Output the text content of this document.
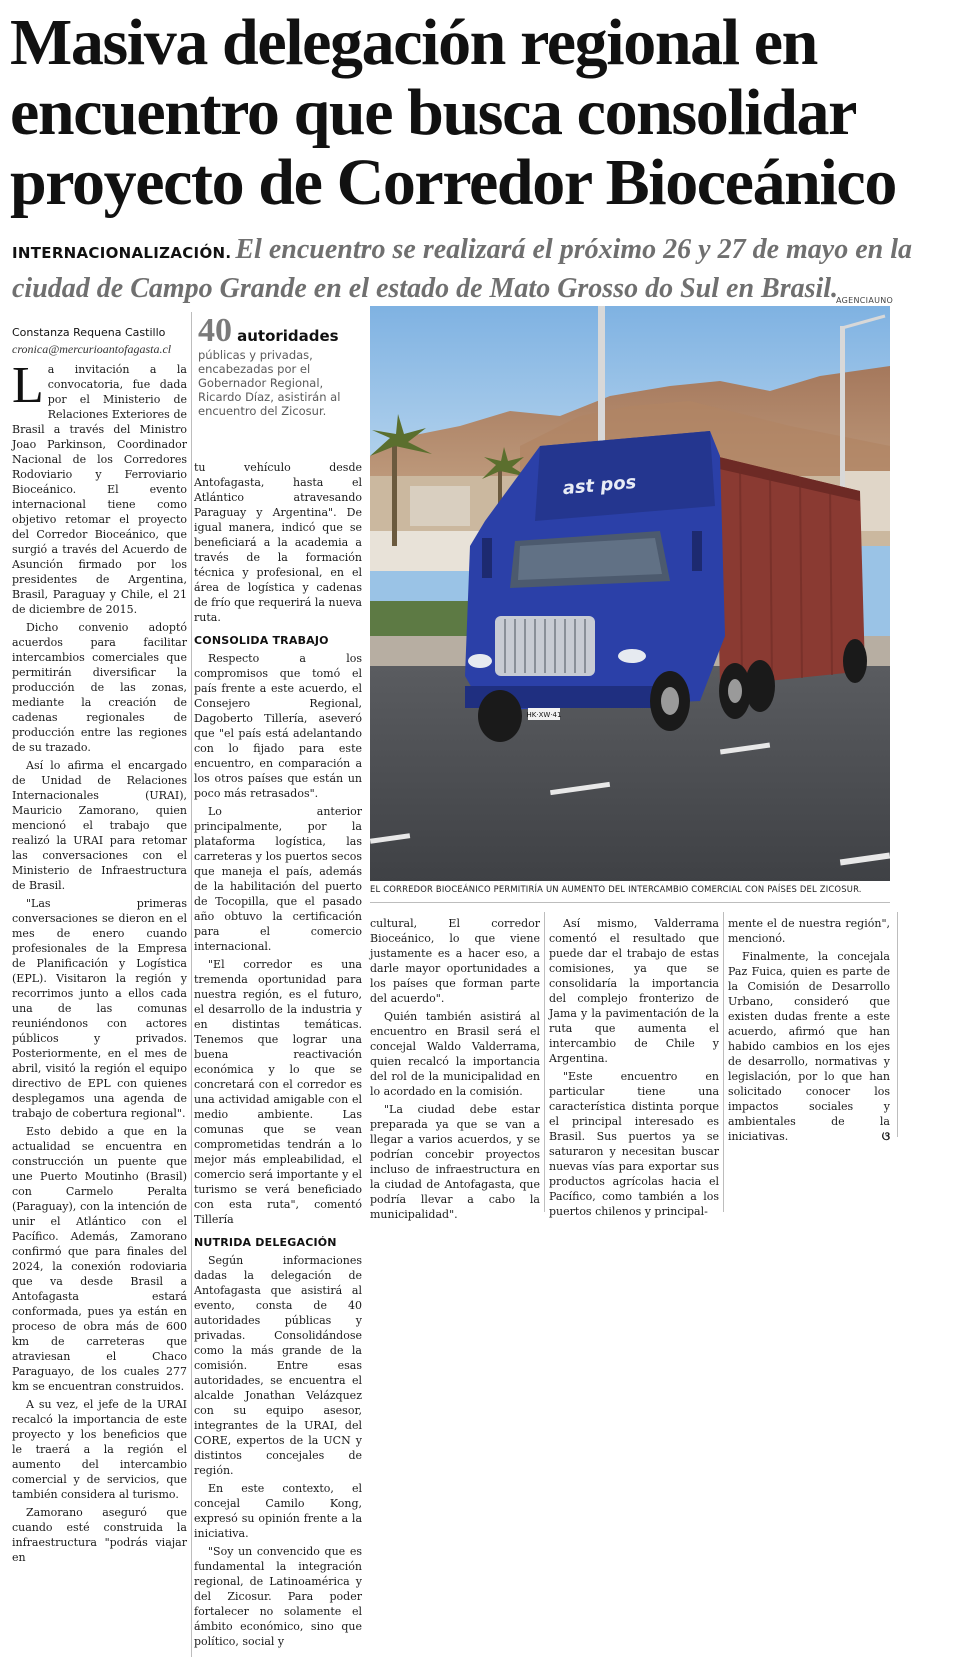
Masiva delegación regional en encuentro que busca consolidar proyecto de Corredor Bioceánico
INTERNACIONALIZACIÓN. El encuentro se realizará el próximo 26 y 27 de mayo en la ciudad de Campo Grande en el estado de Mato Grosso do Sul en Brasil.
Constanza Requena Castillo
cronica@mercurioantofagasta.cl 40 autoridades
públicas y privadas, encabezadas por el Gobernador Regional, Ricardo Díaz, asistirán al encuentro del Zicosur.

La invitación a la convocatoria, fue dada por el Ministerio de Relaciones Exteriores de Brasil a través del Ministro Joao Parkinson, Coordinador Nacional de los Corredores Rodoviario y Ferroviario Bioceánico. El evento internacional tiene como objetivo retomar el proyecto del Corredor Bioceánico, que surgió a través del Acuerdo de Asunción firmado por los presidentes de Argentina, Brasil, Paraguay y Chile, el 21 de diciembre de 2015.

Dicho convenio adoptó acuerdos para facilitar intercambios comerciales que permitirán diversificar la producción de las zonas, mediante la creación de cadenas regionales de producción entre las regiones de su trazado.

Así lo afirma el encargado de Unidad de Relaciones Internacionales (URAI), Mauricio Zamorano, quien mencionó el trabajo que realizó la URAI para retomar las conversaciones con el Ministerio de Infraestructura de Brasil.

"Las primeras conversaciones se dieron en el mes de enero cuando profesionales de la Empresa de Planificación y Logística (EPL). Visitaron la región y recorrimos junto a ellos cada una de las comunas reuniéndonos con actores públicos y privados. Posteriormente, en el mes de abril, visitó la región el equipo directivo de EPL con quienes desplegamos una agenda de trabajo de cobertura regional".

Esto debido a que en la actualidad se encuentra en construcción un puente que une Puerto Moutinho (Brasil) con Carmelo Peralta (Paraguay), con la intención de unir el Atlántico con el Pacífico. Además, Zamorano confirmó que para finales del 2024, la conexión rodoviaria que va desde Brasil a Antofagasta estará conformada, pues ya están en proceso de obra más de 600 km de carreteras que atraviesan el Chaco Paraguayo, de los cuales 277 km se encuentran construidos.

A su vez, el jefe de la URAI recalcó la importancia de este proyecto y los beneficios que le traerá a la región el aumento del intercambio comercial y de servicios, que también considera al turismo.

Zamorano aseguró que cuando esté construida la infraestructura "podrás viajar en

tu vehículo desde Antofagasta, hasta el Atlántico atravesando Paraguay y Argentina". De igual manera, indicó que se beneficiará a la academia a través de la formación técnica y profesional, en el área de logística y cadenas de frío que requerirá la nueva ruta.

CONSOLIDA TRABAJO

Respecto a los compromisos que tomó el país frente a este acuerdo, el Consejero Regional, Dagoberto Tillería, aseveró que "el país está adelantando con lo fijado para este encuentro, en comparación a los otros países que están un poco más retrasados".

Lo anterior principalmente, por la plataforma logística, las carreteras y los puertos secos que maneja el país, además de la habilitación del puerto de Tocopilla, que el pasado año obtuvo la certificación para el comercio internacional.

"El corredor es una tremenda oportunidad para nuestra región, es el futuro, el desarrollo de la industria y en distintas temáticas. Tenemos que lograr una buena reactivación económica y lo que se concretará con el corredor es una actividad amigable con el medio ambiente. Las comunas que se vean comprometidas tendrán a lo mejor más empleabilidad, el comercio será importante y el turismo se verá beneficiado con esta ruta", comentó Tillería

NUTRIDA DELEGACIÓN

Según informaciones dadas la delegación de Antofagasta que asistirá al evento, consta de 40 autoridades públicas y privadas. Consolidándose como la más grande de la comisión. Entre esas autoridades, se encuentra el alcalde Jonathan Velázquez con su equipo asesor, integrantes de la URAI, del CORE, expertos de la UCN y distintos concejales de región.

En este contexto, el concejal Camilo Kong, expresó su opinión frente a la iniciativa.

"Soy un convencido que es fundamental la integración regional, de Latinoamérica y del Zicosur. Para poder fortalecer no solamente el ámbito económico, sino que político, social y

AGENCIAUNO
HK·XW·41
ast pos
EL CORREDOR BIOCEÁNICO PERMITIRÍA UN AUMENTO DEL INTERCAMBIO COMERCIAL CON PAÍSES DEL ZICOSUR.

cultural, El corredor Bioceánico, lo que viene justamente es a hacer eso, a darle mayor oportunidades a los países que forman parte del acuerdo".

Quién también asistirá al encuentro en Brasil será el concejal Waldo Valderrama, quien recalcó la importancia del rol de la municipalidad en lo acordado en la comisión.

"La ciudad debe estar preparada ya que se van a llegar a varios acuerdos, y se podrían concebir proyectos incluso de infraestructura en la ciudad de Antofagasta, que podría llevar a cabo la municipalidad".

Así mismo, Valderrama comentó el resultado que puede dar el trabajo de estas comisiones, ya que se consolidaría la importancia del complejo fronterizo de Jama y la pavimentación de la ruta que aumenta el intercambio de Chile y Argentina.

"Este encuentro en particular tiene una característica distinta porque el principal interesado es Brasil. Sus puertos ya se saturaron y necesitan buscar nuevas vías para exportar sus productos agrícolas hacia el Pacífico, como también a los puertos chilenos y principal-

mente el de nuestra región", mencionó.

Finalmente, la concejala Paz Fuica, quien es parte de la Comisión de Desarrollo Urbano, consideró que existen dudas frente a este acuerdo, afirmó que han habido cambios en los ejes de desarrollo, normativas y legislación, por lo que han solicitado conocer los impactos sociales y ambientales de la iniciativas.	ଓ
